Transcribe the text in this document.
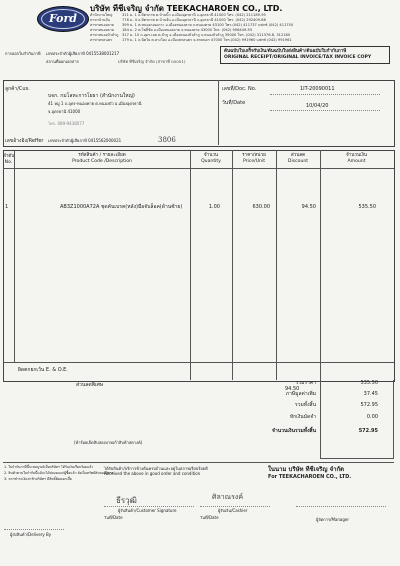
Ford
บริษัท ทีชีเจริญ จำกัด TEEKACHAROEN CO., LTD.
สำนักงานใหญ่	311 ม. 1 ถ.มิตรภาพ ต.บ้านนิ้ว อ.เมืองอุดรธานี จ.อุดรธานี 41000 โทร. (042) 211189-95
สาขาบ้านจั่น	776 ม. 4 ถ.มิตรภาพ ต.บ้านจั่น อ.เมืองอุดรธานี จ.อุดรธานี 41000 โทร. (042) 292409-66
สาขาหนองคาย 399 ม. 1 ต.หนองกอมเกาะ อ.เมืองหนองคาย จ.หนองคาย 43100 โทร.(042) 411737 แฟกซ์ (042) 411750
สาขาหนองคาย 184 ม. 2 ต.โพธิ์ชัย อ.เมืองหนองคาย จ.หนองคาย 43000 โทร. (042) 906449-55
สาขาหนองบัวลำภู 317 ม. 10 ถ.อุดร-เลย ต.ลำภู อ.เมืองหนองบัวลำภู จ.หนองบัวลำภู 39000 โทร. (042) 311376-8, 312180
สาขาสกลนคร	179 ม. 1 ถ.นิตโย ต.ฮางโฮง อ.เมืองสกลนคร จ.สกลนคร 47000 โทร.(042) 991960 แฟกซ์ (042) 991961
การออกใบกำกับภาษี เลขประจำตัวผู้เสียภาษี 0415538001217
สถานที่ออกเอกสาร	บริษัท ทีชีเจริญ จำกัด (สาขาที่ 00001)
ต้นฉบับใบเสร็จรับเงิน/ต้นฉบับใบส่งสินค้า/ต้นฉบับใบกำกับภาษี
ORIGINAL RECEIPT/ORIGINAL INVOICE/TAX INVOICE COPY
ลูกค้า/Cus.
บจก. กมโลหะการโยธา (สำนักงานใหญ่)
41 หมู่ 1 ถ.อุดร-หนองคาย ต.หนองบัว อ.เมืองอุดรธานี
จ.อุดรธานี 41000
โทร. 089-9438077
เลขอ้างอิง/Reffer เลขประจำตัวผู้เสียภาษี 0415562000021	3806
เลขที่/Doc. No.	1IT-20090011
วันที่/Date	10/04/20
ลำดับ No.
รหัสสินค้า / รายละเอียด
Product Code /Description
จำนวน
Quantity
ราคา/หน่วย
Price/Unit
ส่วนลด
Discount
จำนวนเงิน
Amount
1	AB3Z1000A72A ชุดคันเบรค(หลัง)มือจับล็อค(ด้านซ้าย)	1.00	630.00	94.50	535.50
ผิดตกยกเว้น E. & O.E.
ส่วนลดพิเศษ
94.50
รวมราคา	535.50
ภาษีมูลค่าเพิ่ม	37.45
รวมทั้งสิ้น	572.95
หักเงินมัดจำ	0.00
จำนวนเงินรวมทั้งสิ้น	572.95
(ห้าร้อยเจ็ดสิบสองบาทเก้าสิบห้าสตางค์)
1. ใบกำกับภาษีนี้จะสมบูรณ์เมื่อบริษัทฯ ได้รับเงินเรียบร้อยแล้ว
2. สินค้าตามใบกำกับนี้แม้จะได้ส่งมอบแก่ผู้ซื้อแล้ว ยังเป็นทรัพย์สินของผู้ขาย
3. หากชำระเงินล่าช้าบริษัทฯ มีสิทธิ์คิดดอกเบี้ย
ได้รับสินค้า/บริการข้างต้นครบถ้วนและอยู่ในสภาพเรียบร้อยดี
Received the above in good order and condition
ในนาม บริษัท ทีชีเจริญ จำกัด
For TEEKACHAROEN CO., LTD.
ธีรวุฒิ	ศิลาณรงค์
ผู้รับสินค้า/Customer Signature	ผู้รับเงิน/Cashier
วันที่/Date	วันที่/Date
ผู้ส่งสินค้า/Delivery By
ผู้จัดการ/Manager
